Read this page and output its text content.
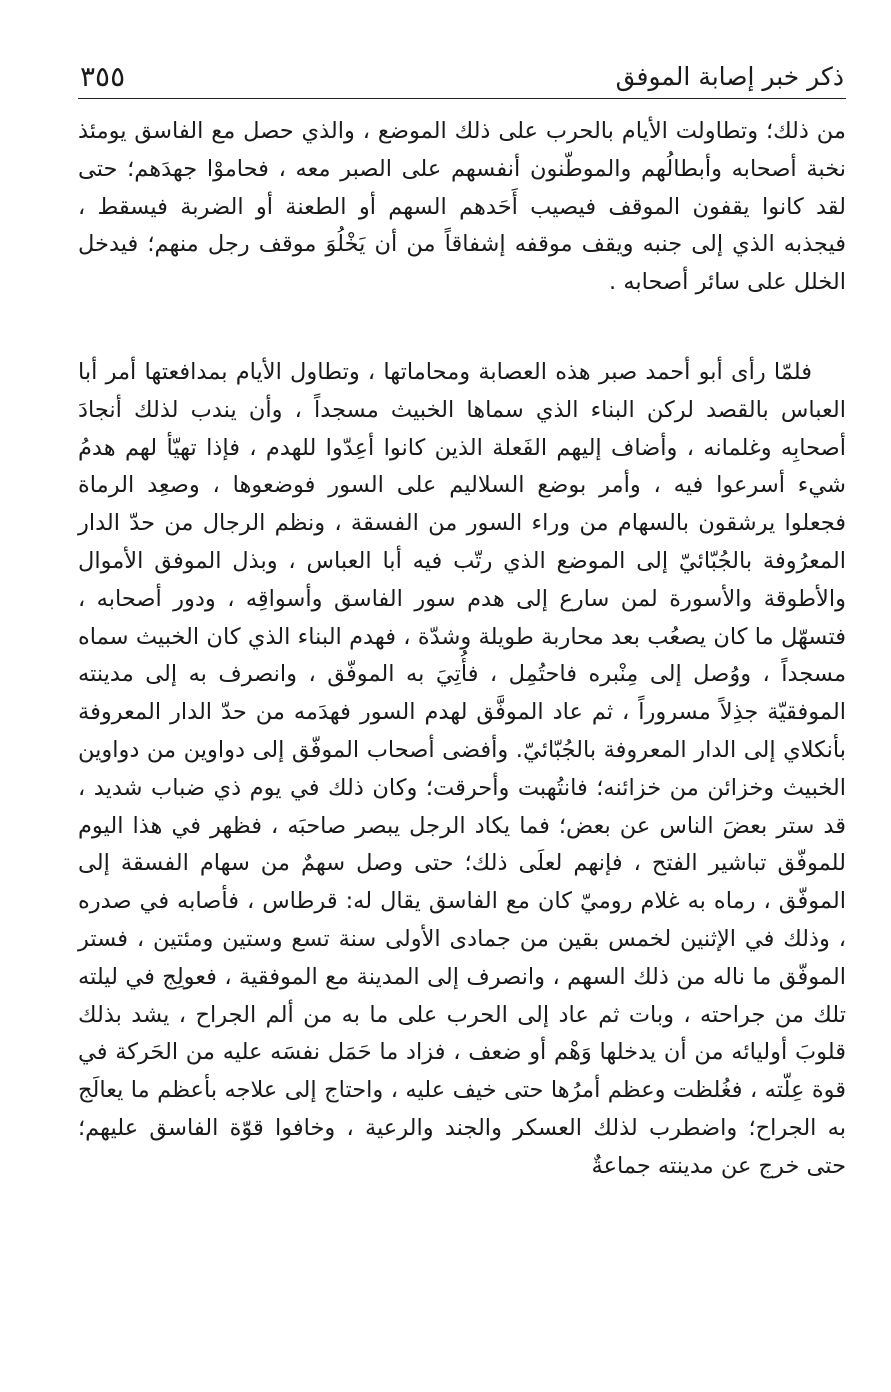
ذكر خبر إصابة الموفق
٣٥٥

من ذلك؛ وتطاولت الأيام بالحرب على ذلك الموضع ، والذي حصل مع الفاسق يومئذ نخبة أصحابه وأبطالُهم والموطّنون أنفسهم على الصبر معه ، فحاموْا جهدَهم؛ حتى لقد كانوا يقفون الموقف فيصيب أَحَدهم السهم أو الطعنة أو الضربة فيسقط ، فيجذبه الذي إلى جنبه ويقف موقفه إشفاقاً من أن يَخْلُوَ موقف رجل منهم؛ فيدخل الخلل على سائر أصحابه .

فلمّا رأى أبو أحمد صبر هذه العصابة ومحاماتها ، وتطاول الأيام بمدافعتها أمر أبا العباس بالقصد لركن البناء الذي سماها الخبيث مسجداً ، وأن يندب لذلك أنجادَ أصحابِه وغلمانه ، وأضاف إليهم الفَعلة الذين كانوا أعِدّوا للهدم ، فإذا تهيّأ لهم هدمُ شيء أسرعوا فيه ، وأمر بوضع السلاليم على السور فوضعوها ، وصعِد الرماة فجعلوا يرشقون بالسهام من وراء السور من الفسقة ، ونظم الرجال من حدّ الدار المعرُوفة بالجُبّائيّ إلى الموضع الذي رتّب فيه أبا العباس ، وبذل الموفق الأموال والأطوقة والأسورة لمن سارع إلى هدم سور الفاسق وأسواقِه ، ودور أصحابه ، فتسهّل ما كان يصعُب بعد محاربة طويلة وشدّة ، فهدم البناء الذي كان الخبيث سماه مسجداً ، ووُصل إلى مِنْبره فاحتُمِل ، فأُتِيَ به الموفّق ، وانصرف به إلى مدينته الموفقيّة جذِلاً مسروراً ، ثم عاد الموفَّق لهدم السور فهدَمه من حدّ الدار المعروفة بأنكلاي إلى الدار المعروفة بالجُبّائيّ. وأفضى أصحاب الموفّق إلى دواوين من دواوين الخبيث وخزائن من خزائنه؛ فانتُهبت وأحرقت؛ وكان ذلك في يوم ذي ضباب شديد ، قد ستر بعضَ الناس عن بعض؛ فما يكاد الرجل يبصر صاحبَه ، فظهر في هذا اليوم للموفّق تباشير الفتح ، فإنهم لعلَى ذلك؛ حتى وصل سهمٌ من سهام الفسقة إلى الموفّق ، رماه به غلام روميّ كان مع الفاسق يقال له: قرطاس ، فأصابه في صدره ، وذلك في الإثنين لخمس بقين من جمادى الأولى سنة تسع وستين ومئتين ، فستر الموفّق ما ناله من ذلك السهم ، وانصرف إلى المدينة مع الموفقية ، فعولِج في ليلته تلك من جراحته ، وبات ثم عاد إلى الحرب على ما به من ألم الجراح ، يشد بذلك قلوبَ أوليائه من أن يدخلها وَهْم أو ضعف ، فزاد ما حَمَل نفسَه عليه من الحَركة في قوة عِلّته ، فغُلظت وعظم أمرُها حتى خيف عليه ، واحتاج إلى علاجه بأعظم ما يعالَج به الجراح؛ واضطرب لذلك العسكر والجند والرعية ، وخافوا قوّة الفاسق عليهم؛ حتى خرج عن مدينته جماعةٌ
